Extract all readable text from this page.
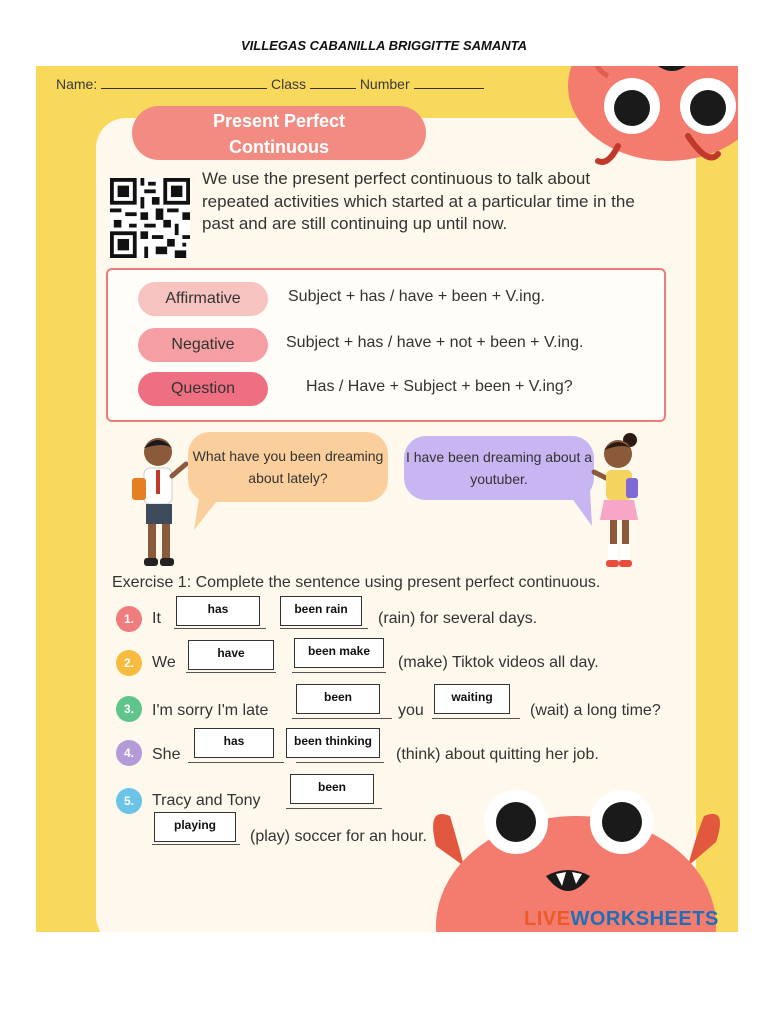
VILLEGAS CABANILLA BRIGGITTE SAMANTA
Name:	Class	Number
Present Perfect
Continuous
We use the present perfect continuous to talk about repeated activities which started at a particular time in the past and are still continuing up until now.
Affirmative	Subject + has / have + been + V.ing.
Negative	Subject + has / have + not + been + V.ing.
Question	Has / Have + Subject + been + V.ing?
What have you been dreaming about lately?
I have been dreaming about a youtuber.
Exercise 1: Complete the sentence using present perfect continuous.
1.	It
has	been rain
(rain) for several days.
2.	We
have	been make
(make) Tiktok videos all day.
3.	I'm sorry I'm late
been
you
waiting
(wait) a long time?
4.	She
has	been thinking
(think) about quitting her job.
5.	Tracy and Tony
been
playing
(play) soccer for an hour.
LIVEWORKSHEETS
